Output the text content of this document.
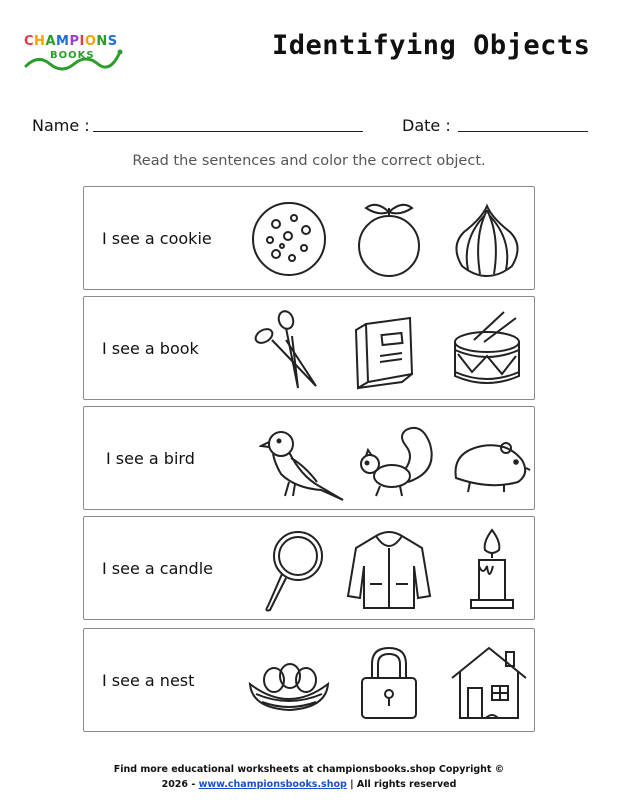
CHAMPIONS
BOOKS	Identifying Objects
Name :	Date :
Read the sentences and color the correct object.
I see a cookie
I see a book
I see a bird
I see a candle
I see a nest
Find more educational worksheets at championsbooks.shop Copyright ©
2026 - www.championsbooks.shop | All rights reserved
